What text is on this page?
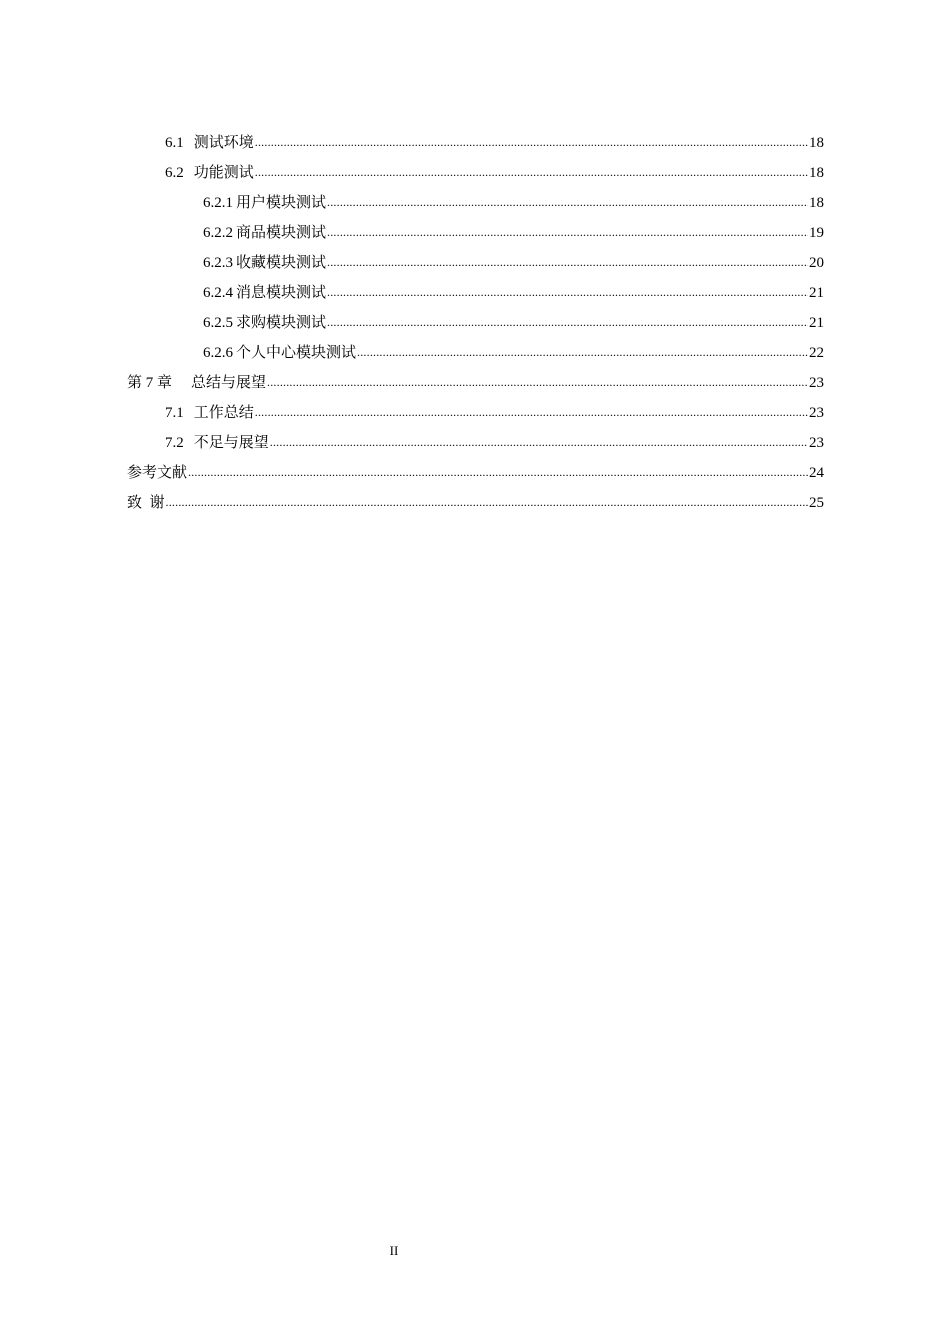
6.1 测试环境 .....	18
6.2 功能测试 .....	18
6.2.1 用户模块测试 .....	18
6.2.2 商品模块测试 .....	19
6.2.3 收藏模块测试 .....	20
6.2.4 消息模块测试 .....	21
6.2.5 求购模块测试 .....	21
6.2.6 个人中心模块测试 .....	22
第 7 章 总结与展望 .....	23
7.1 工作总结 .....	23
7.2 不足与展望 .....	23
参考文献 .....	24
致  谢 .....	25
II
